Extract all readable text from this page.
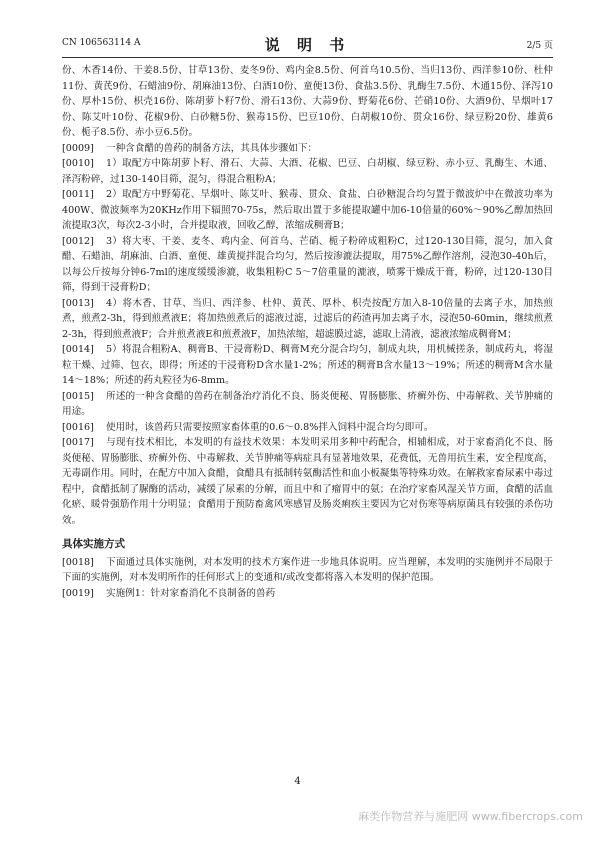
CN 106563114 A	说 明 书	2/5 页

份、木香14份、干姜8.5份、甘草13份、麦冬9份、鸡内金8.5份、何首乌10.5份、当归13份、西洋参10份、杜仲11份、黄芪9份、石蜡油9份、胡麻油13份、白酒10份、童便13份、食盐3.5份、乳酶生7.5份、木通15份、泽泻10份、厚朴15份、枳壳16份、陈胡萝卜籽7份、滑石13份、大蒜9份、野菊花6份、芒硝10份、大酒9份、旱烟叶17份、陈艾叶10份、花椒9份、白砂糖5份、猴毒15份、巴豆10份、白胡椒10份、贯众16份、绿豆粉20份、雄黄6份、栀子8.5份、赤小豆6.5份。

[0009] 一种含食醋的兽药的制备方法，其具体步骤如下：

[0010] 1）取配方中陈胡萝卜籽、滑石、大蒜、大酒、花椒、巴豆、白胡椒、绿豆粉、赤小豆、乳酶生、木通、泽泻粉碎，过130-140目筛，混匀，得混合粗粉A；

[0011] 2）取配方中野菊花、旱烟叶、陈艾叶、猴毒、贯众、食盐、白砂糖混合均匀置于微波炉中在微波功率为400W、微波频率为20KHz作用下辐照70-75s，然后取出置于多能提取罐中加6-10倍量的60%～90%乙醇加热回流提取3次，每次2-3小时，合并提取液，回收乙醇，浓缩成稠膏B；

[0012] 3）将大枣、干姜、麦冬、鸡内金、何首乌、芒硝、栀子粉碎成粗粉C，过120-130目筛，混匀，加入食醋、石蜡油、胡麻油、白酒、童便、雄黄搅拌混合均匀，然后按渗漉法提取，用75%乙醇作溶剂，浸泡30-40h后，以每公斤按每分钟6-7ml的速度缓缓渗漉，收集粗粉C 5～7倍重量的漉液，喷雾干燥成干膏，粉碎，过120-130目筛，得到干浸膏粉D；

[0013] 4）将木香、甘草、当归、西洋参、杜仲、黄芪、厚朴、枳壳按配方加入8-10倍量的去离子水，加热煎煮，煎煮2-3h，得到煎煮液E；将加热煎煮后的滤液过滤，过滤后的药渣再加去离子水，浸泡50-60min，继续煎煮2-3h，得到煎煮液F；合并煎煮液E和煎煮液F，加热浓缩，超滤膜过滤，滤取上清液，滤液浓缩成稠膏M；

[0014] 5）将混合粗粉A、稠膏B、干浸膏粉D、稠膏M充分混合均匀，制成丸块，用机械搓条，制成药丸，将湿粒干燥、过筛、包衣，即得；所述的干浸膏粉D含水量1-2%；所述的稠膏B含水量13～19%；所述的稠膏M含水量14～18%；所述的药丸粒径为6-8mm。

[0015] 所述的一种含食醋的兽药在制备治疗消化不良、肠炎便秘、胃肠膨胀、疥癣外伤、中毒解救、关节肿痛的用途。

[0016] 使用时，该兽药只需要按照家畜体重的0.6～0.8%拌入饲料中混合均匀即可。

[0017] 与现有技术相比，本发明的有益技术效果：本发明采用多种中药配合，相辅相成，对于家畜消化不良、肠炎便秘、胃肠膨胀、疥癣外伤、中毒解救、关节肿痛等病症具有显著地效果，花费低，无兽用抗生素，安全程度高，无毒副作用。同时，在配方中加入食醋，食醋具有抵制转氨酶活性和血小板凝集等特殊功效。在解救家畜尿素中毒过程中，食醋抵制了脲酶的活动，减缓了尿素的分解，而且中和了瘤胃中的氨；在治疗家畜风湿关节方面，食醋的活血化瘀、暖骨强筋作用十分明显；食醋用于预防畜禽风寒感冒及肠炎痢疾主要因为它对伤寒等病原菌具有较强的杀伤功效。

具体实施方式

[0018] 下面通过具体实施例，对本发明的技术方案作进一步地具体说明。应当理解，本发明的实施例并不局限于下面的实施例，对本发明所作的任何形式上的变通和/或改变都将落入本发明的保护范围。

[0019] 实施例1：针对家畜消化不良制备的兽药

4
麻类作物营养与施肥网 www.fibercrops.com
